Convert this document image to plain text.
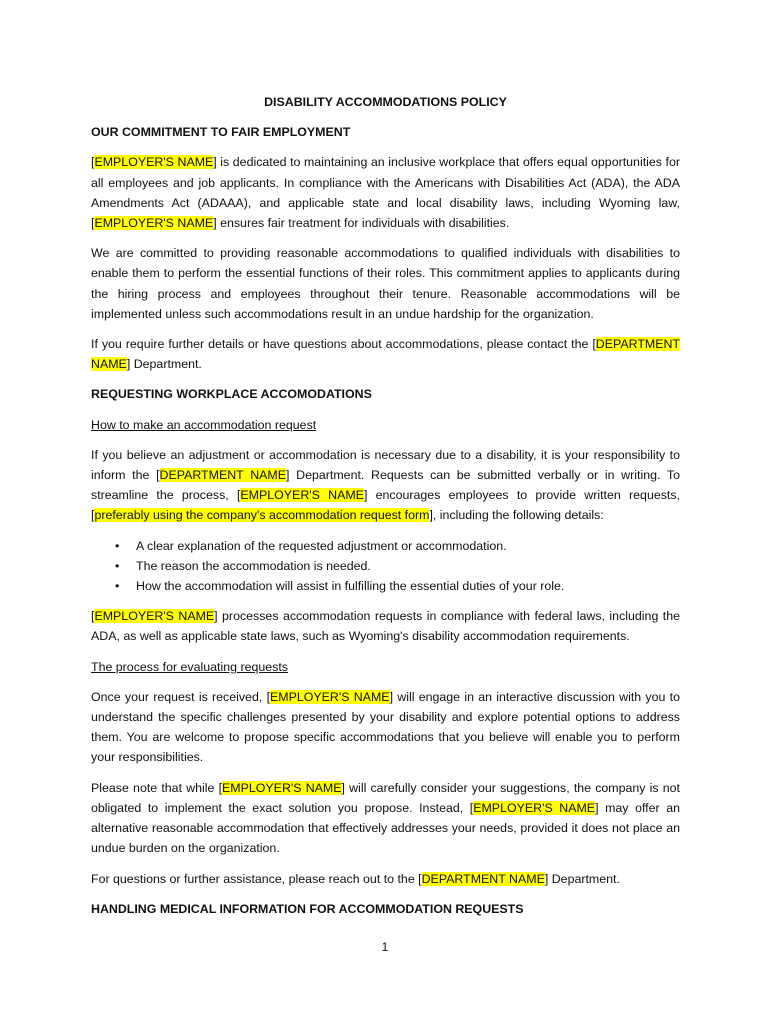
DISABILITY ACCOMMODATIONS POLICY
OUR COMMITMENT TO FAIR EMPLOYMENT

[EMPLOYER'S NAME] is dedicated to maintaining an inclusive workplace that offers equal opportunities for all employees and job applicants. In compliance with the Americans with Disabilities Act (ADA), the ADA Amendments Act (ADAAA), and applicable state and local disability laws, including Wyoming law, [EMPLOYER'S NAME] ensures fair treatment for individuals with disabilities.

We are committed to providing reasonable accommodations to qualified individuals with disabilities to enable them to perform the essential functions of their roles. This commitment applies to applicants during the hiring process and employees throughout their tenure. Reasonable accommodations will be implemented unless such accommodations result in an undue hardship for the organization.

If you require further details or have questions about accommodations, please contact the [DEPARTMENT NAME] Department.

REQUESTING WORKPLACE ACCOMODATIONS
How to make an accommodation request

If you believe an adjustment or accommodation is necessary due to a disability, it is your responsibility to inform the [DEPARTMENT NAME] Department. Requests can be submitted verbally or in writing. To streamline the process, [EMPLOYER'S NAME] encourages employees to provide written requests, [preferably using the company's accommodation request form], including the following details:

• A clear explanation of the requested adjustment or accommodation.
• The reason the accommodation is needed.
• How the accommodation will assist in fulfilling the essential duties of your role.

[EMPLOYER'S NAME] processes accommodation requests in compliance with federal laws, including the ADA, as well as applicable state laws, such as Wyoming's disability accommodation requirements.

The process for evaluating requests

Once your request is received, [EMPLOYER'S NAME] will engage in an interactive discussion with you to understand the specific challenges presented by your disability and explore potential options to address them. You are welcome to propose specific accommodations that you believe will enable you to perform your responsibilities.

Please note that while [EMPLOYER'S NAME] will carefully consider your suggestions, the company is not obligated to implement the exact solution you propose. Instead, [EMPLOYER'S NAME] may offer an alternative reasonable accommodation that effectively addresses your needs, provided it does not place an undue burden on the organization.

For questions or further assistance, please reach out to the [DEPARTMENT NAME] Department.

HANDLING MEDICAL INFORMATION FOR ACCOMMODATION REQUESTS
1
